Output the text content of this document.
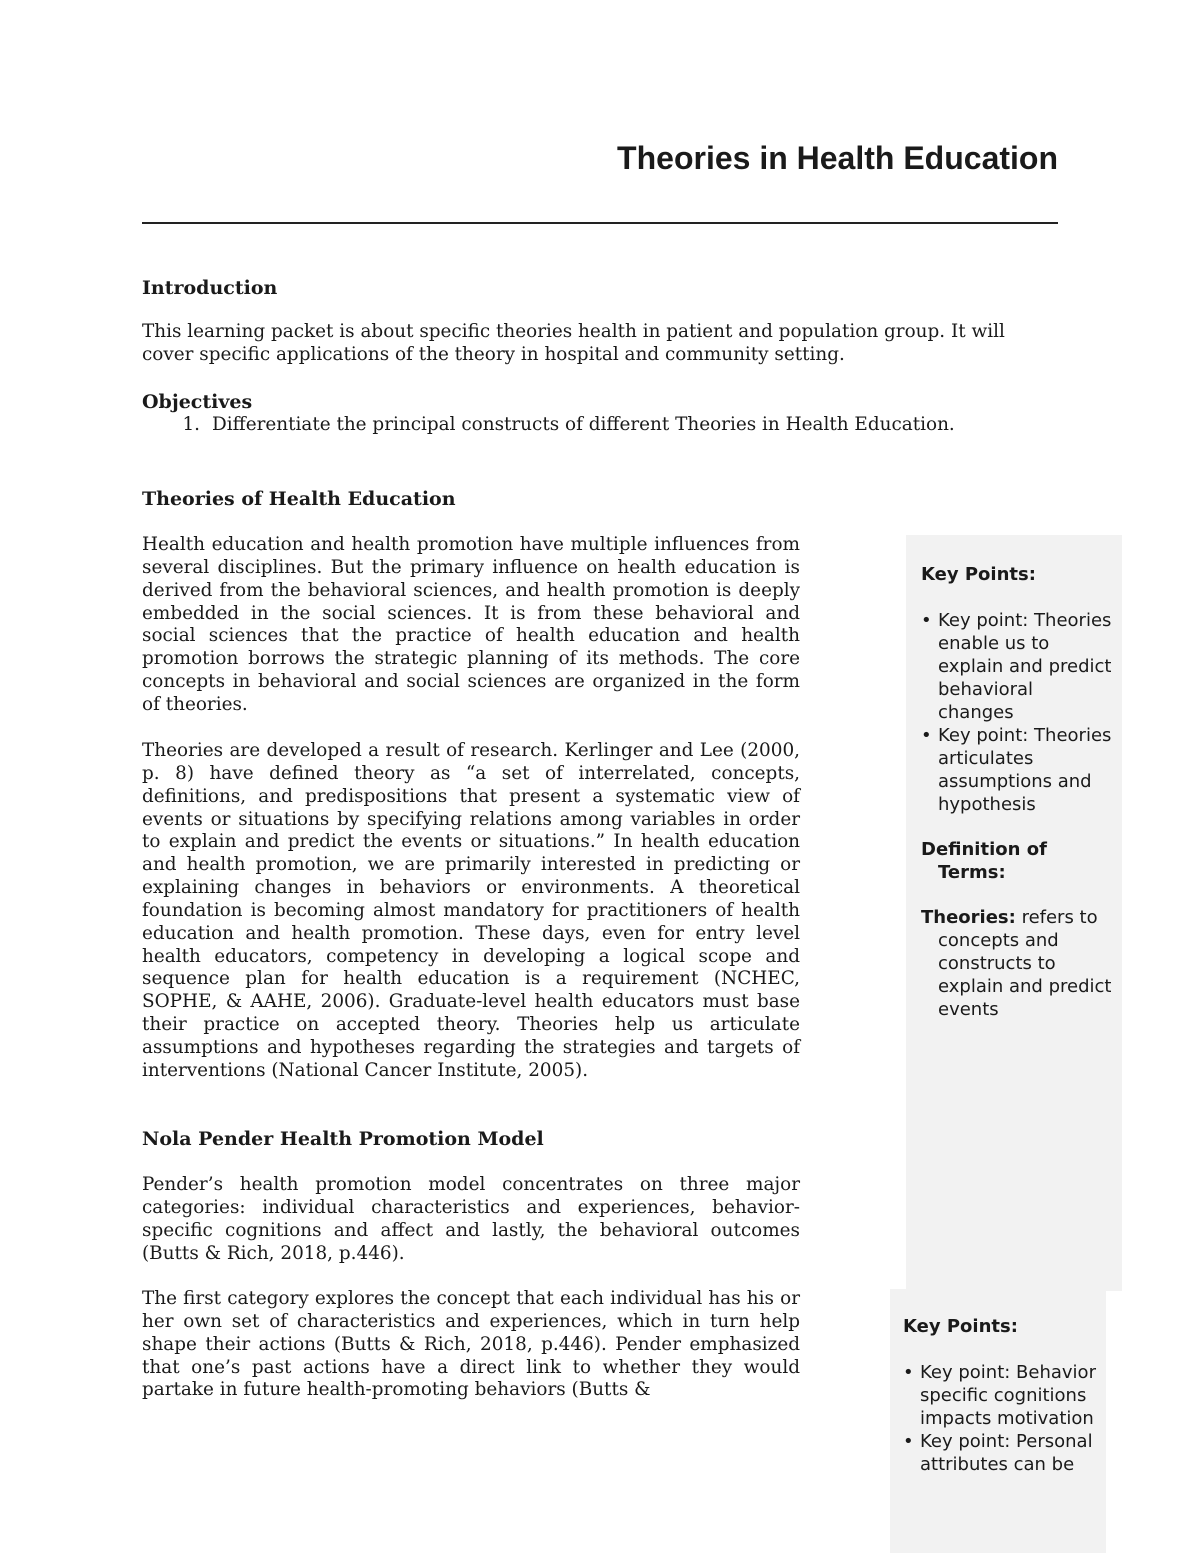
Theories in Health Education
Introduction

This learning packet is about specific theories health in patient and population group. It will cover specific applications of the theory in hospital and community setting.

Objectives
1. Differentiate the principal constructs of different Theories in Health Education.
Theories of Health Education

Health education and health promotion have multiple influences from several disciplines. But the primary influence on health education is derived from the behavioral sciences, and health promotion is deeply embedded in the social sciences. It is from these behavioral and social sciences that the practice of health education and health promotion borrows the strategic planning of its methods. The core concepts in behavioral and social sciences are organized in the form of theories.

Theories are developed a result of research. Kerlinger and Lee (2000, p. 8) have defined theory as “a set of interrelated, concepts, definitions, and predispositions that present a systematic view of events or situations by specifying relations among variables in order to explain and predict the events or situations.” In health education and health promotion, we are primarily interested in predicting or explaining changes in behaviors or environments. A theoretical foundation is becoming almost mandatory for practitioners of health education and health promotion. These days, even for entry level health educators, competency in developing a logical scope and sequence plan for health education is a requirement (NCHEC, SOPHE, & AAHE, 2006). Graduate-level health educators must base their practice on accepted theory. Theories help us articulate assumptions and hypotheses regarding the strategies and targets of interventions (National Cancer Institute, 2005).

Nola Pender Health Promotion Model

Pender’s health promotion model concentrates on three major categories: individual characteristics and experiences, behavior-specific cognitions and affect and lastly, the behavioral outcomes (Butts & Rich, 2018, p.446).

The first category explores the concept that each individual has his or her own set of characteristics and experiences, which in turn help shape their actions (Butts & Rich, 2018, p.446). Pender emphasized that one’s past actions have a direct link to whether they would partake in future health-promoting behaviors (Butts &

Key Points:
• Key point: Theories enable us to explain and predict behavioral changes
• Key point: Theories articulates assumptions and hypothesis
Definition of Terms:
Theories: refers to concepts and constructs to explain and predict events
Key Points:
• Key point: Behavior specific cognitions impacts motivation
• Key point: Personal attributes can be
